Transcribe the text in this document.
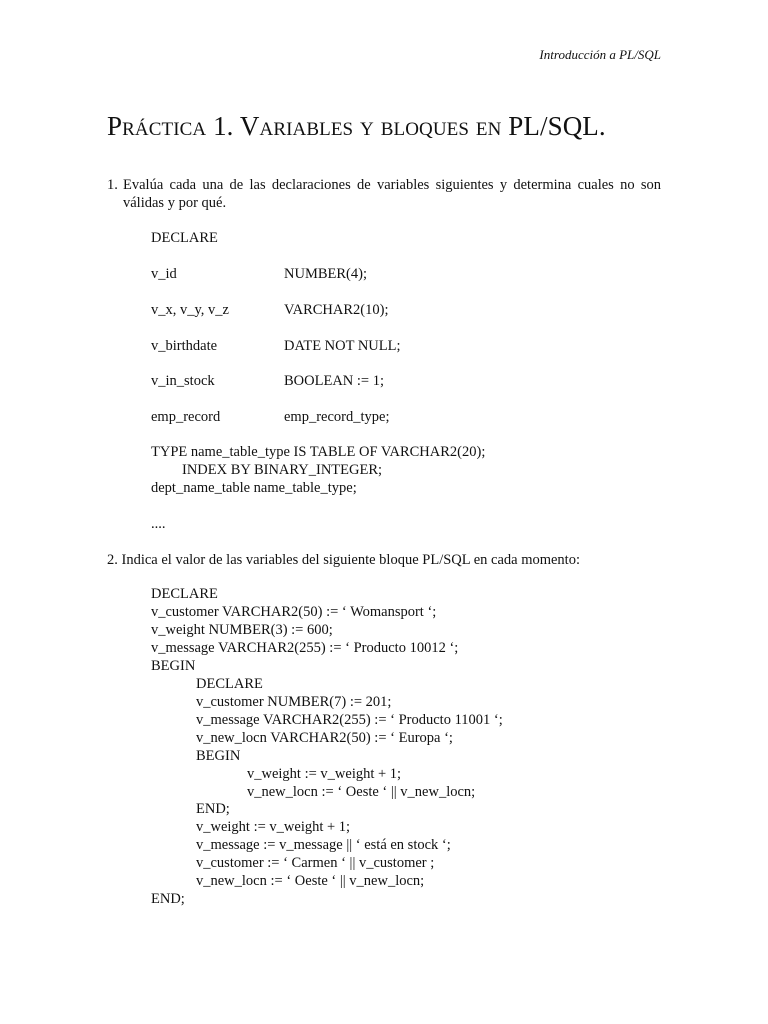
Introducción a PL/SQL
Práctica 1. Variables y bloques en PL/SQL.
1. Evalúa cada una de las declaraciones de variables siguientes y determina cuales no son
válidas y por qué.
DECLARE
v_id	NUMBER(4);
v_x, v_y, v_z	VARCHAR2(10);
v_birthdate	DATE NOT NULL;
v_in_stock	BOOLEAN := 1;
emp_record	emp_record_type;
TYPE name_table_type IS TABLE OF VARCHAR2(20);
INDEX BY BINARY_INTEGER;
dept_name_table name_table_type;
....
2. Indica el valor de las variables del siguiente bloque PL/SQL en cada momento:
DECLARE
v_customer VARCHAR2(50) := ‘ Womansport ‘;
v_weight NUMBER(3) := 600;
v_message VARCHAR2(255) := ‘ Producto 10012 ‘;
BEGIN
DECLARE
v_customer NUMBER(7) := 201;
v_message VARCHAR2(255) := ‘ Producto 11001 ‘;
v_new_locn VARCHAR2(50) := ‘ Europa ‘;
BEGIN
v_weight := v_weight + 1;
v_new_locn := ‘ Oeste ‘ || v_new_locn;
END;
v_weight := v_weight + 1;
v_message := v_message || ‘ está en stock ‘;
v_customer := ‘ Carmen ‘ || v_customer ;
v_new_locn := ‘ Oeste ‘ || v_new_locn;
END;
